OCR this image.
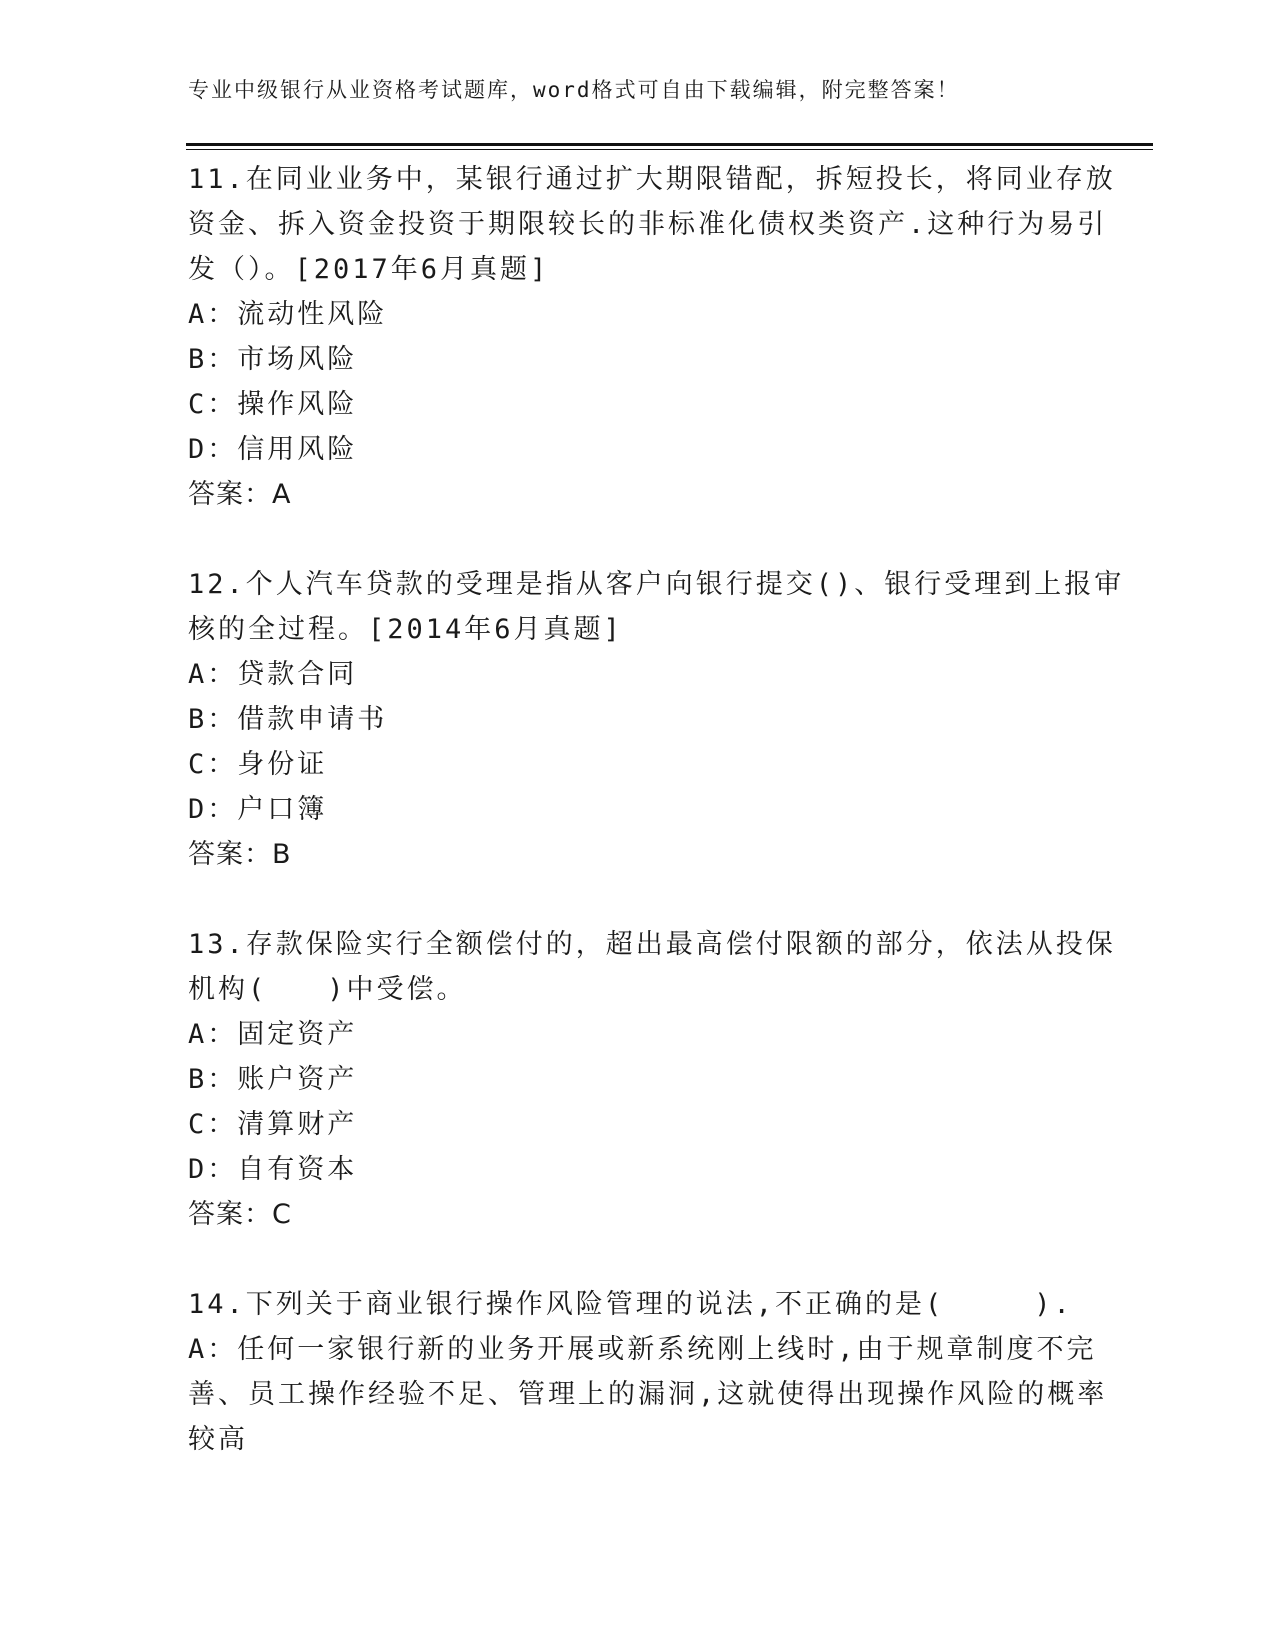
专业中级银行从业资格考试题库，word格式可自由下载编辑，附完整答案！
11.在同业业务中，某银行通过扩大期限错配，拆短投长，将同业存放
资金、拆入资金投资于期限较长的非标准化债权类资产.这种行为易引
发（）。[2017年6月真题]
A：流动性风险
B：市场风险
C：操作风险
D：信用风险
答案：A
12.个人汽车贷款的受理是指从客户向银行提交()、银行受理到上报审
核的全过程。[2014年6月真题]
A：贷款合同
B：借款申请书
C：身份证
D：户口簿
答案：B
13.存款保险实行全额偿付的，超出最高偿付限额的部分，依法从投保
机构(　　)中受偿。
A：固定资产
B：账户资产
C：清算财产
D：自有资本
答案：C
14.下列关于商业银行操作风险管理的说法,不正确的是(　　　).
A：任何一家银行新的业务开展或新系统刚上线时,由于规章制度不完
善、员工操作经验不足、管理上的漏洞,这就使得出现操作风险的概率
较高
